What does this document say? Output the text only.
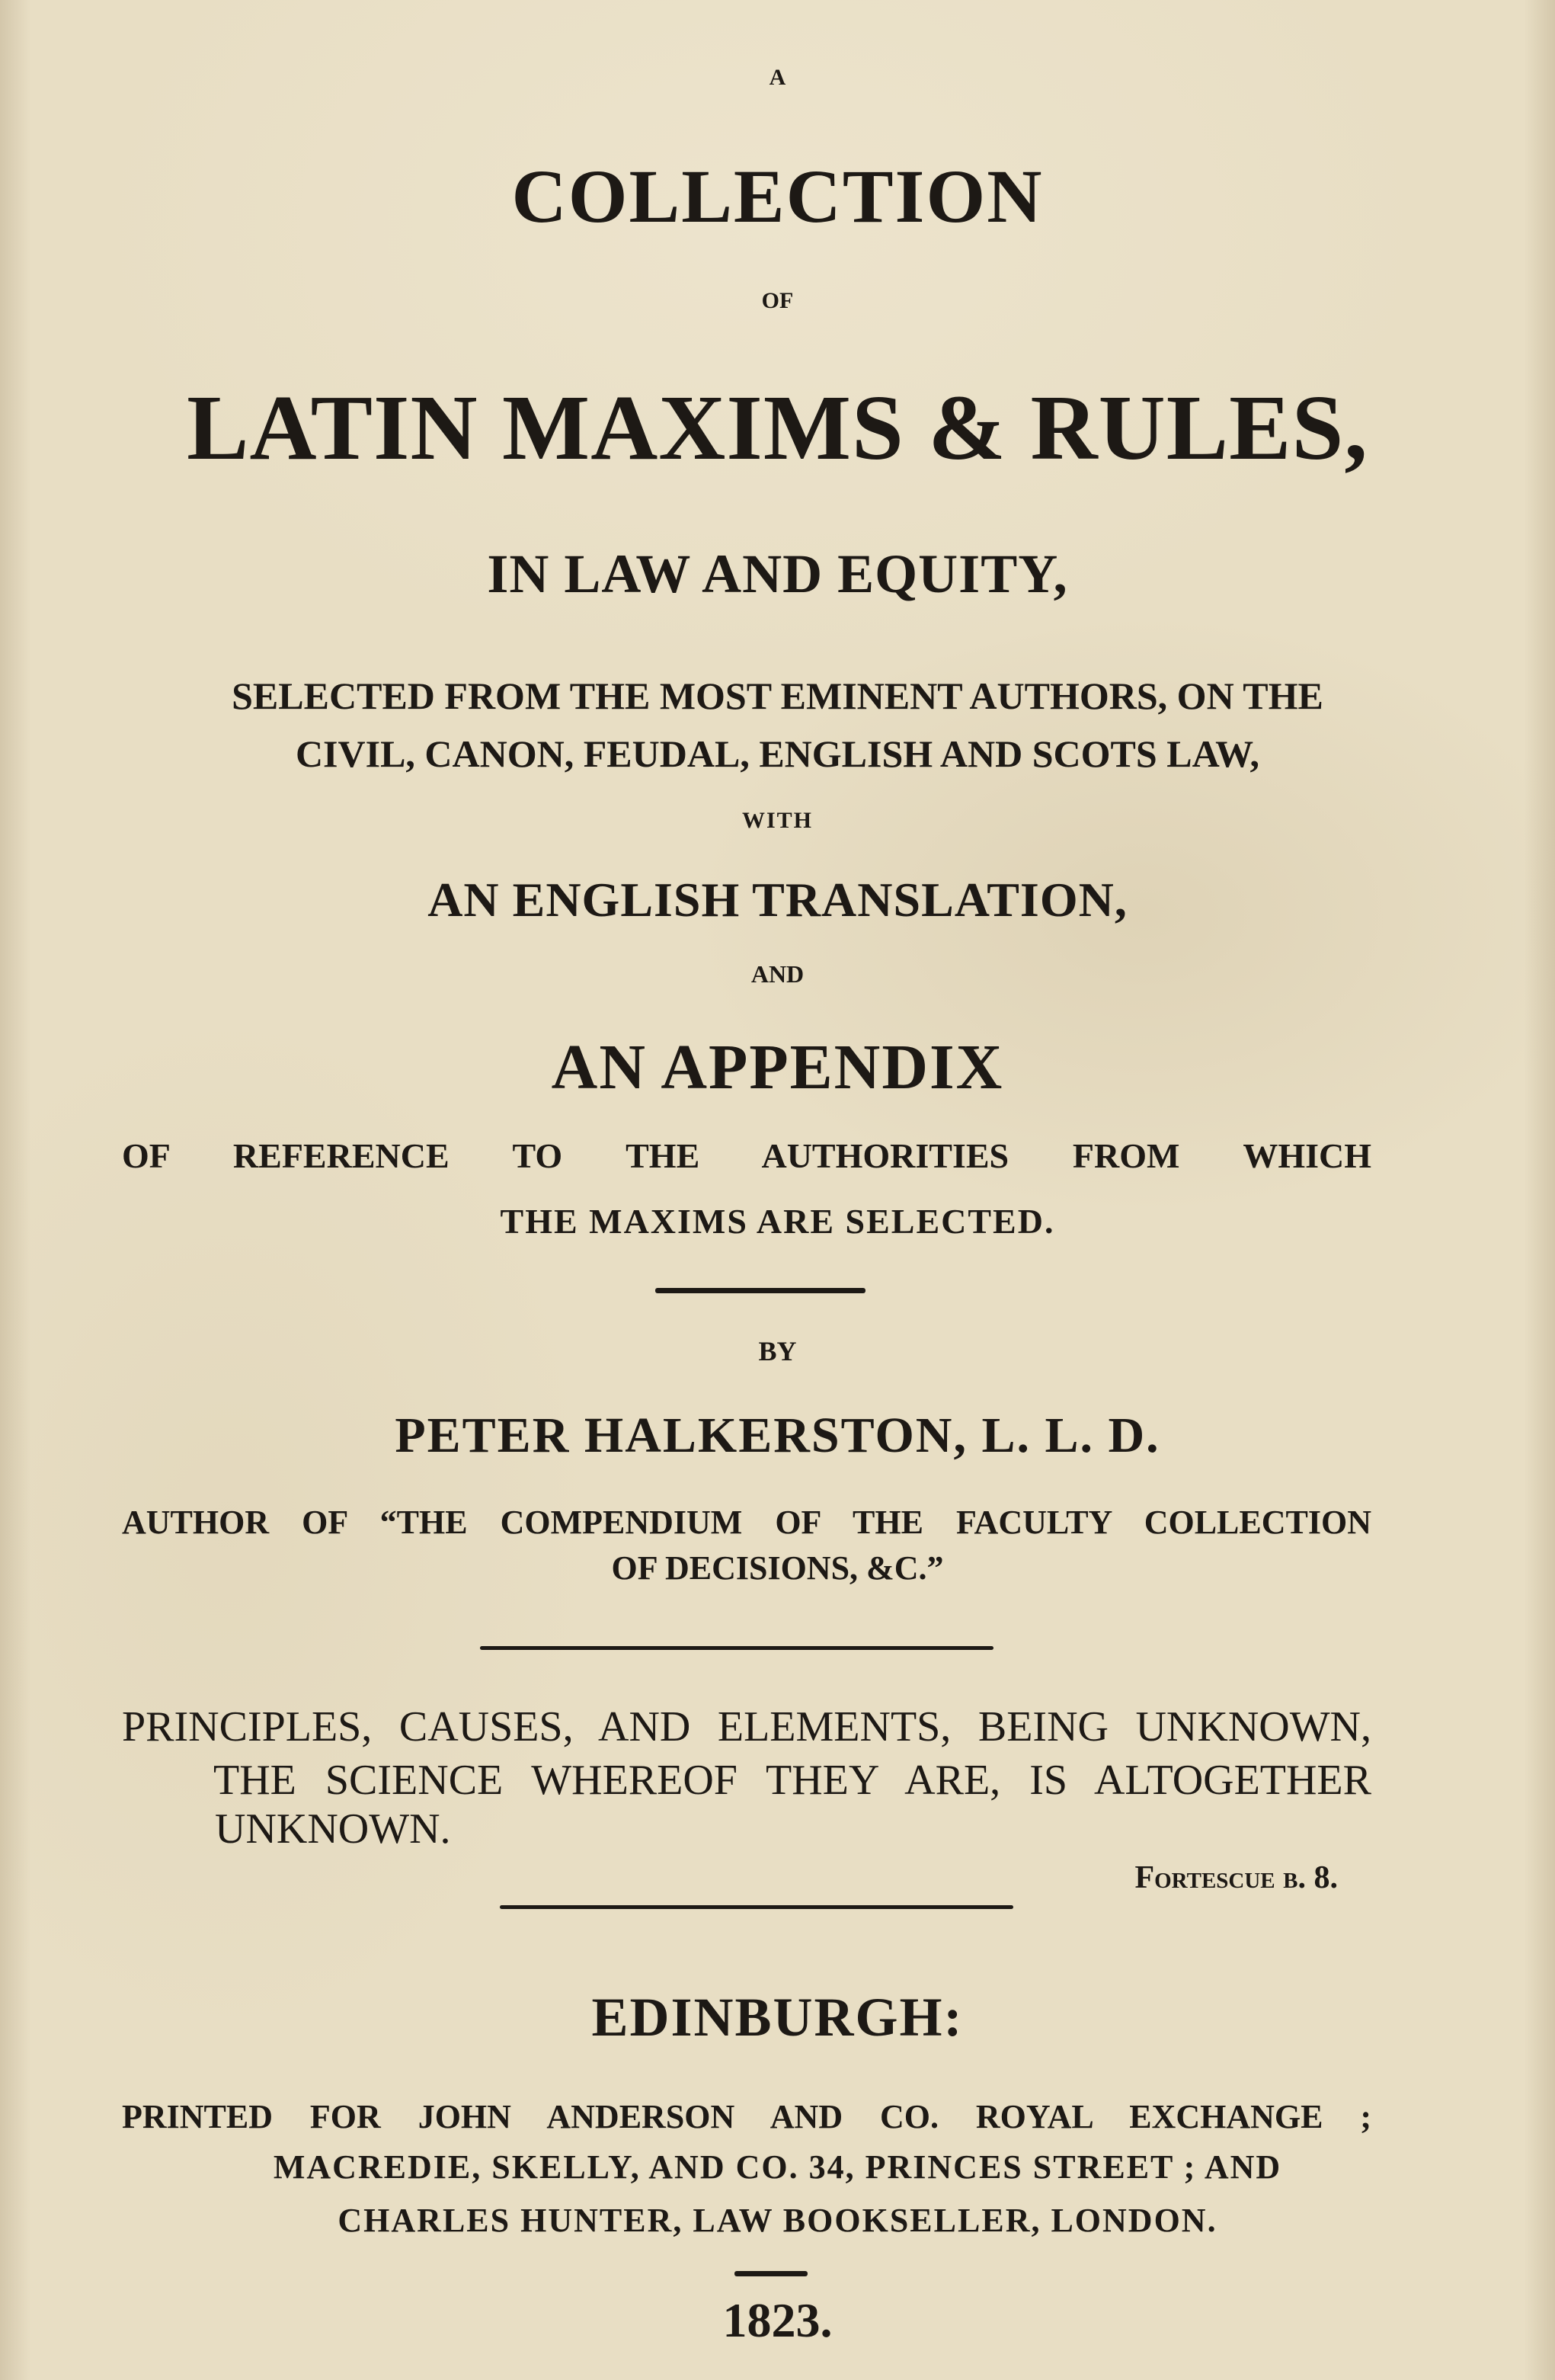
A
COLLECTION
OF
LATIN MAXIMS & RULES,
IN LAW AND EQUITY,
SELECTED FROM THE MOST EMINENT AUTHORS, ON THE
CIVIL, CANON, FEUDAL, ENGLISH AND SCOTS LAW,
WITH
AN ENGLISH TRANSLATION,
AND
AN APPENDIX
OF REFERENCE TO THE AUTHORITIES FROM WHICH
THE MAXIMS ARE SELECTED.
BY
PETER HALKERSTON, L. L. D.
AUTHOR OF “THE COMPENDIUM OF THE FACULTY COLLECTION
OF DECISIONS, &C.”
PRINCIPLES, CAUSES, AND ELEMENTS, BEING UNKNOWN,
THE SCIENCE WHEREOF THEY ARE, IS ALTOGETHER
UNKNOWN.
Fortescue b. 8.
EDINBURGH:
PRINTED FOR JOHN ANDERSON AND CO. ROYAL EXCHANGE ;
MACREDIE, SKELLY, AND CO. 34, PRINCES STREET ; AND
CHARLES HUNTER, LAW BOOKSELLER, LONDON.
1823.
